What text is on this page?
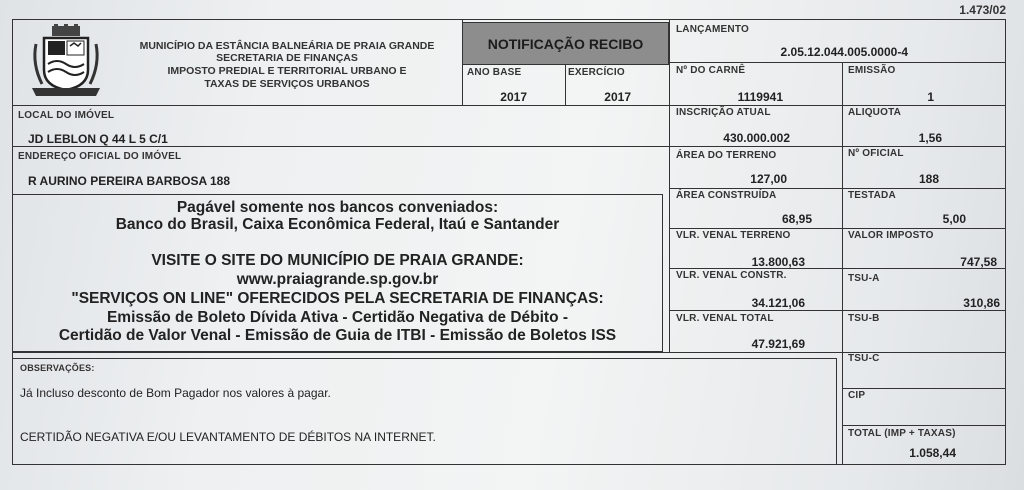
1.473/02
MUNICÍPIO DA ESTÂNCIA BALNEÁRIA DE PRAIA GRANDE
SECRETARIA DE FINANÇAS
IMPOSTO PREDIAL E TERRITORIAL URBANO E
TAXAS DE SERVIÇOS URBANOS
NOTIFICAÇÃO RECIBO
LANÇAMENTO
2.05.12.044.005.0000-4
ANO BASE
2017
EXERCÍCIO
2017
Nº DO CARNÊ
1119941
EMISSÃO
1
LOCAL DO IMÓVEL
JD LEBLON Q 44 L 5 C/1
INSCRIÇÃO ATUAL
430.000.002
ALIQUOTA
1,56
ENDEREÇO OFICIAL DO IMÓVEL
R AURINO PEREIRA BARBOSA 188
ÁREA DO TERRENO
127,00
Nº OFICIAL
188
Pagável somente nos bancos conveniados:
Banco do Brasil, Caixa Econômica Federal, Itaú e Santander
VISITE O SITE DO MUNICÍPIO DE PRAIA GRANDE:
www.praiagrande.sp.gov.br
"SERVIÇOS ON LINE" OFERECIDOS PELA SECRETARIA DE FINANÇAS:
Emissão de Boleto Dívida Ativa - Certidão Negativa de Débito -
Certidão de Valor Venal - Emissão de Guia de ITBI - Emissão de Boletos ISS
ÁREA CONSTRUÍDA
68,95
TESTADA
5,00
VLR. VENAL TERRENO
13.800,63
VALOR IMPOSTO
747,58
VLR. VENAL CONSTR.
34.121,06
TSU-A
310,86
VLR. VENAL TOTAL
47.921,69
TSU-B
OBSERVAÇÕES:
Já Incluso desconto de Bom Pagador nos valores à pagar.
CERTIDÃO NEGATIVA E/OU LEVANTAMENTO DE DÉBITOS NA INTERNET.
TSU-C
CIP
TOTAL (IMP + TAXAS)
1.058,44
